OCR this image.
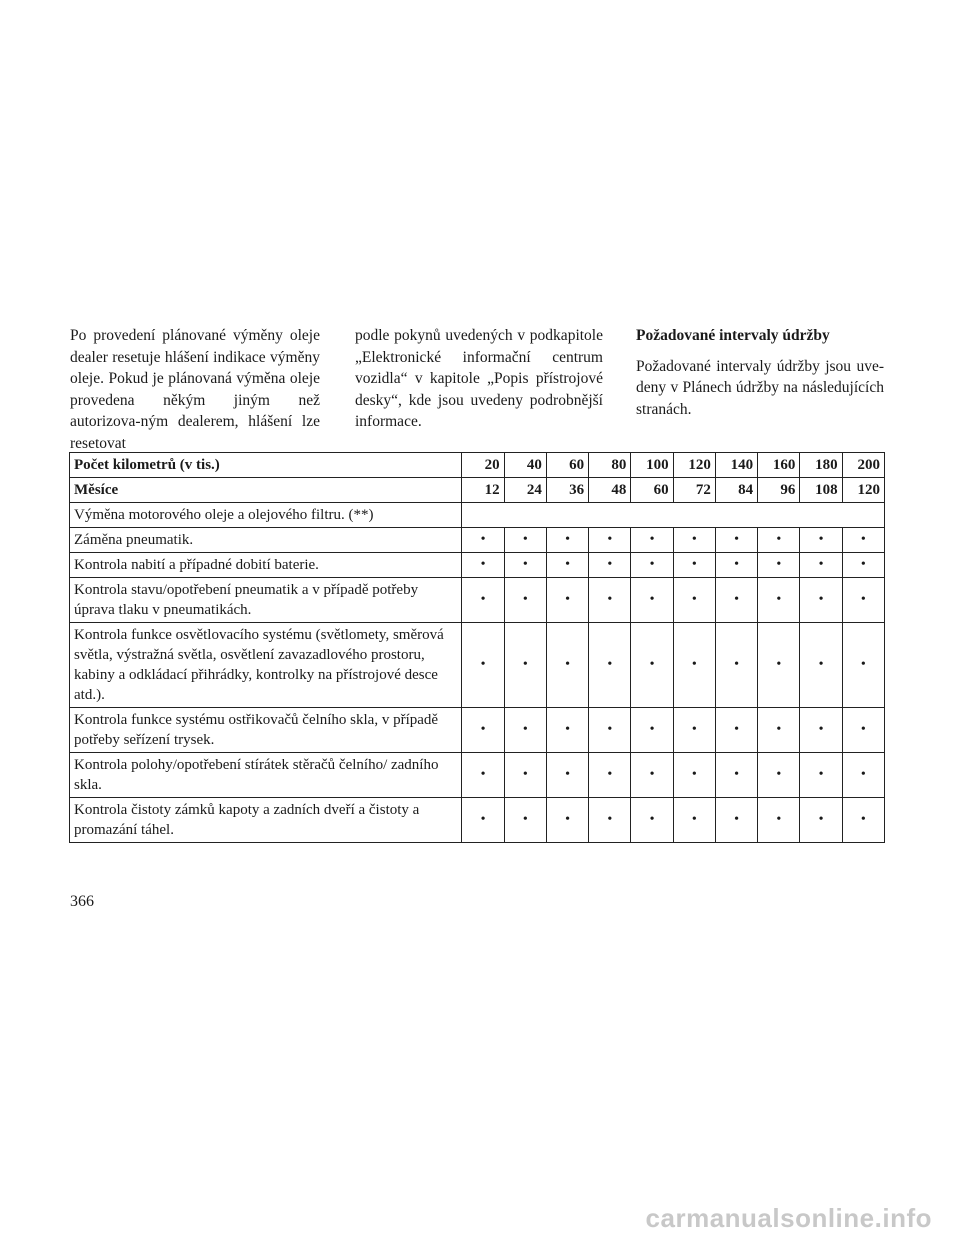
Po provedení plánované výměny oleje dealer resetuje hlášení indikace výměny oleje. Pokud je plánovaná výměna oleje provedena někým jiným než autorizova-ným dealerem, hlášení lze resetovat

podle pokynů uvedených v podkapitole „Elektronické informační centrum vozidla“ v kapitole „Popis přístrojové desky“, kde jsou uvedeny podrobnější informace.

Požadované intervaly údržby

Požadované intervaly údržby jsou uve-deny v Plánech údržby na následujících stranách.

Počet kilometrů (v tis.)	20	40	60	80	100	120	140	160	180	200
Měsíce	12	24	36	48	60	72	84	96	108	120
Výměna motorového oleje a olejového filtru. (**)										
Záměna pneumatik.	•	•	•	•	•	•	•	•	•	•
Kontrola nabití a případné dobití baterie.	•	•	•	•	•	•	•	•	•	•
Kontrola stavu/opotřebení pneumatik a v případě potřeby úprava tlaku v pneumatikách.	•	•	•	•	•	•	•	•	•	•
Kontrola funkce osvětlovacího systému (světlomety, směrová světla, výstražná světla, osvětlení zavazadlového prostoru, kabiny a odkládací přihrádky, kontrolky na přístrojové desce atd.).	•	•	•	•	•	•	•	•	•	•
Kontrola funkce systému ostřikovačů čelního skla, v případě potřeby seřízení trysek.	•	•	•	•	•	•	•	•	•	•
Kontrola polohy/opotřebení stírátek stěračů čelního/ zadního skla.	•	•	•	•	•	•	•	•	•	•
Kontrola čistoty zámků kapoty a zadních dveří a čistoty a promazání táhel.	•	•	•	•	•	•	•	•	•	•
366
carmanualsonline.info
